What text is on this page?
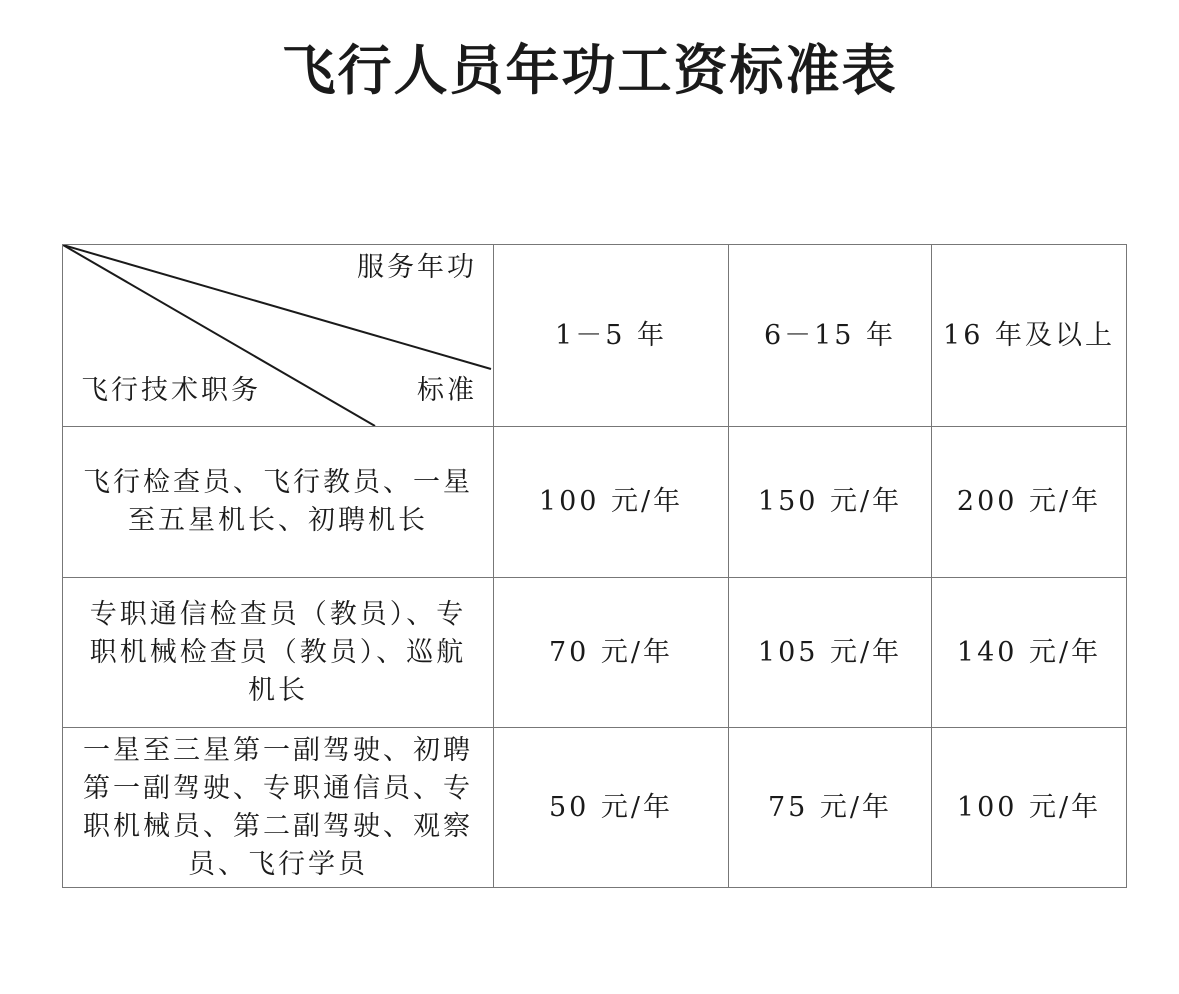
飞行人员年功工资标准表
服务年功
飞行技术职务 标准	1－5 年	6－15 年	16 年及以上
飞行检查员、飞行教员、一星至五星机长、初聘机长	100 元/年	150 元/年	200 元/年
专职通信检查员（教员）、专职机械检查员（教员）、巡航机长	70 元/年	105 元/年	140 元/年
一星至三星第一副驾驶、初聘第一副驾驶、专职通信员、专职机械员、第二副驾驶、观察员、飞行学员	50 元/年	75 元/年	100 元/年
